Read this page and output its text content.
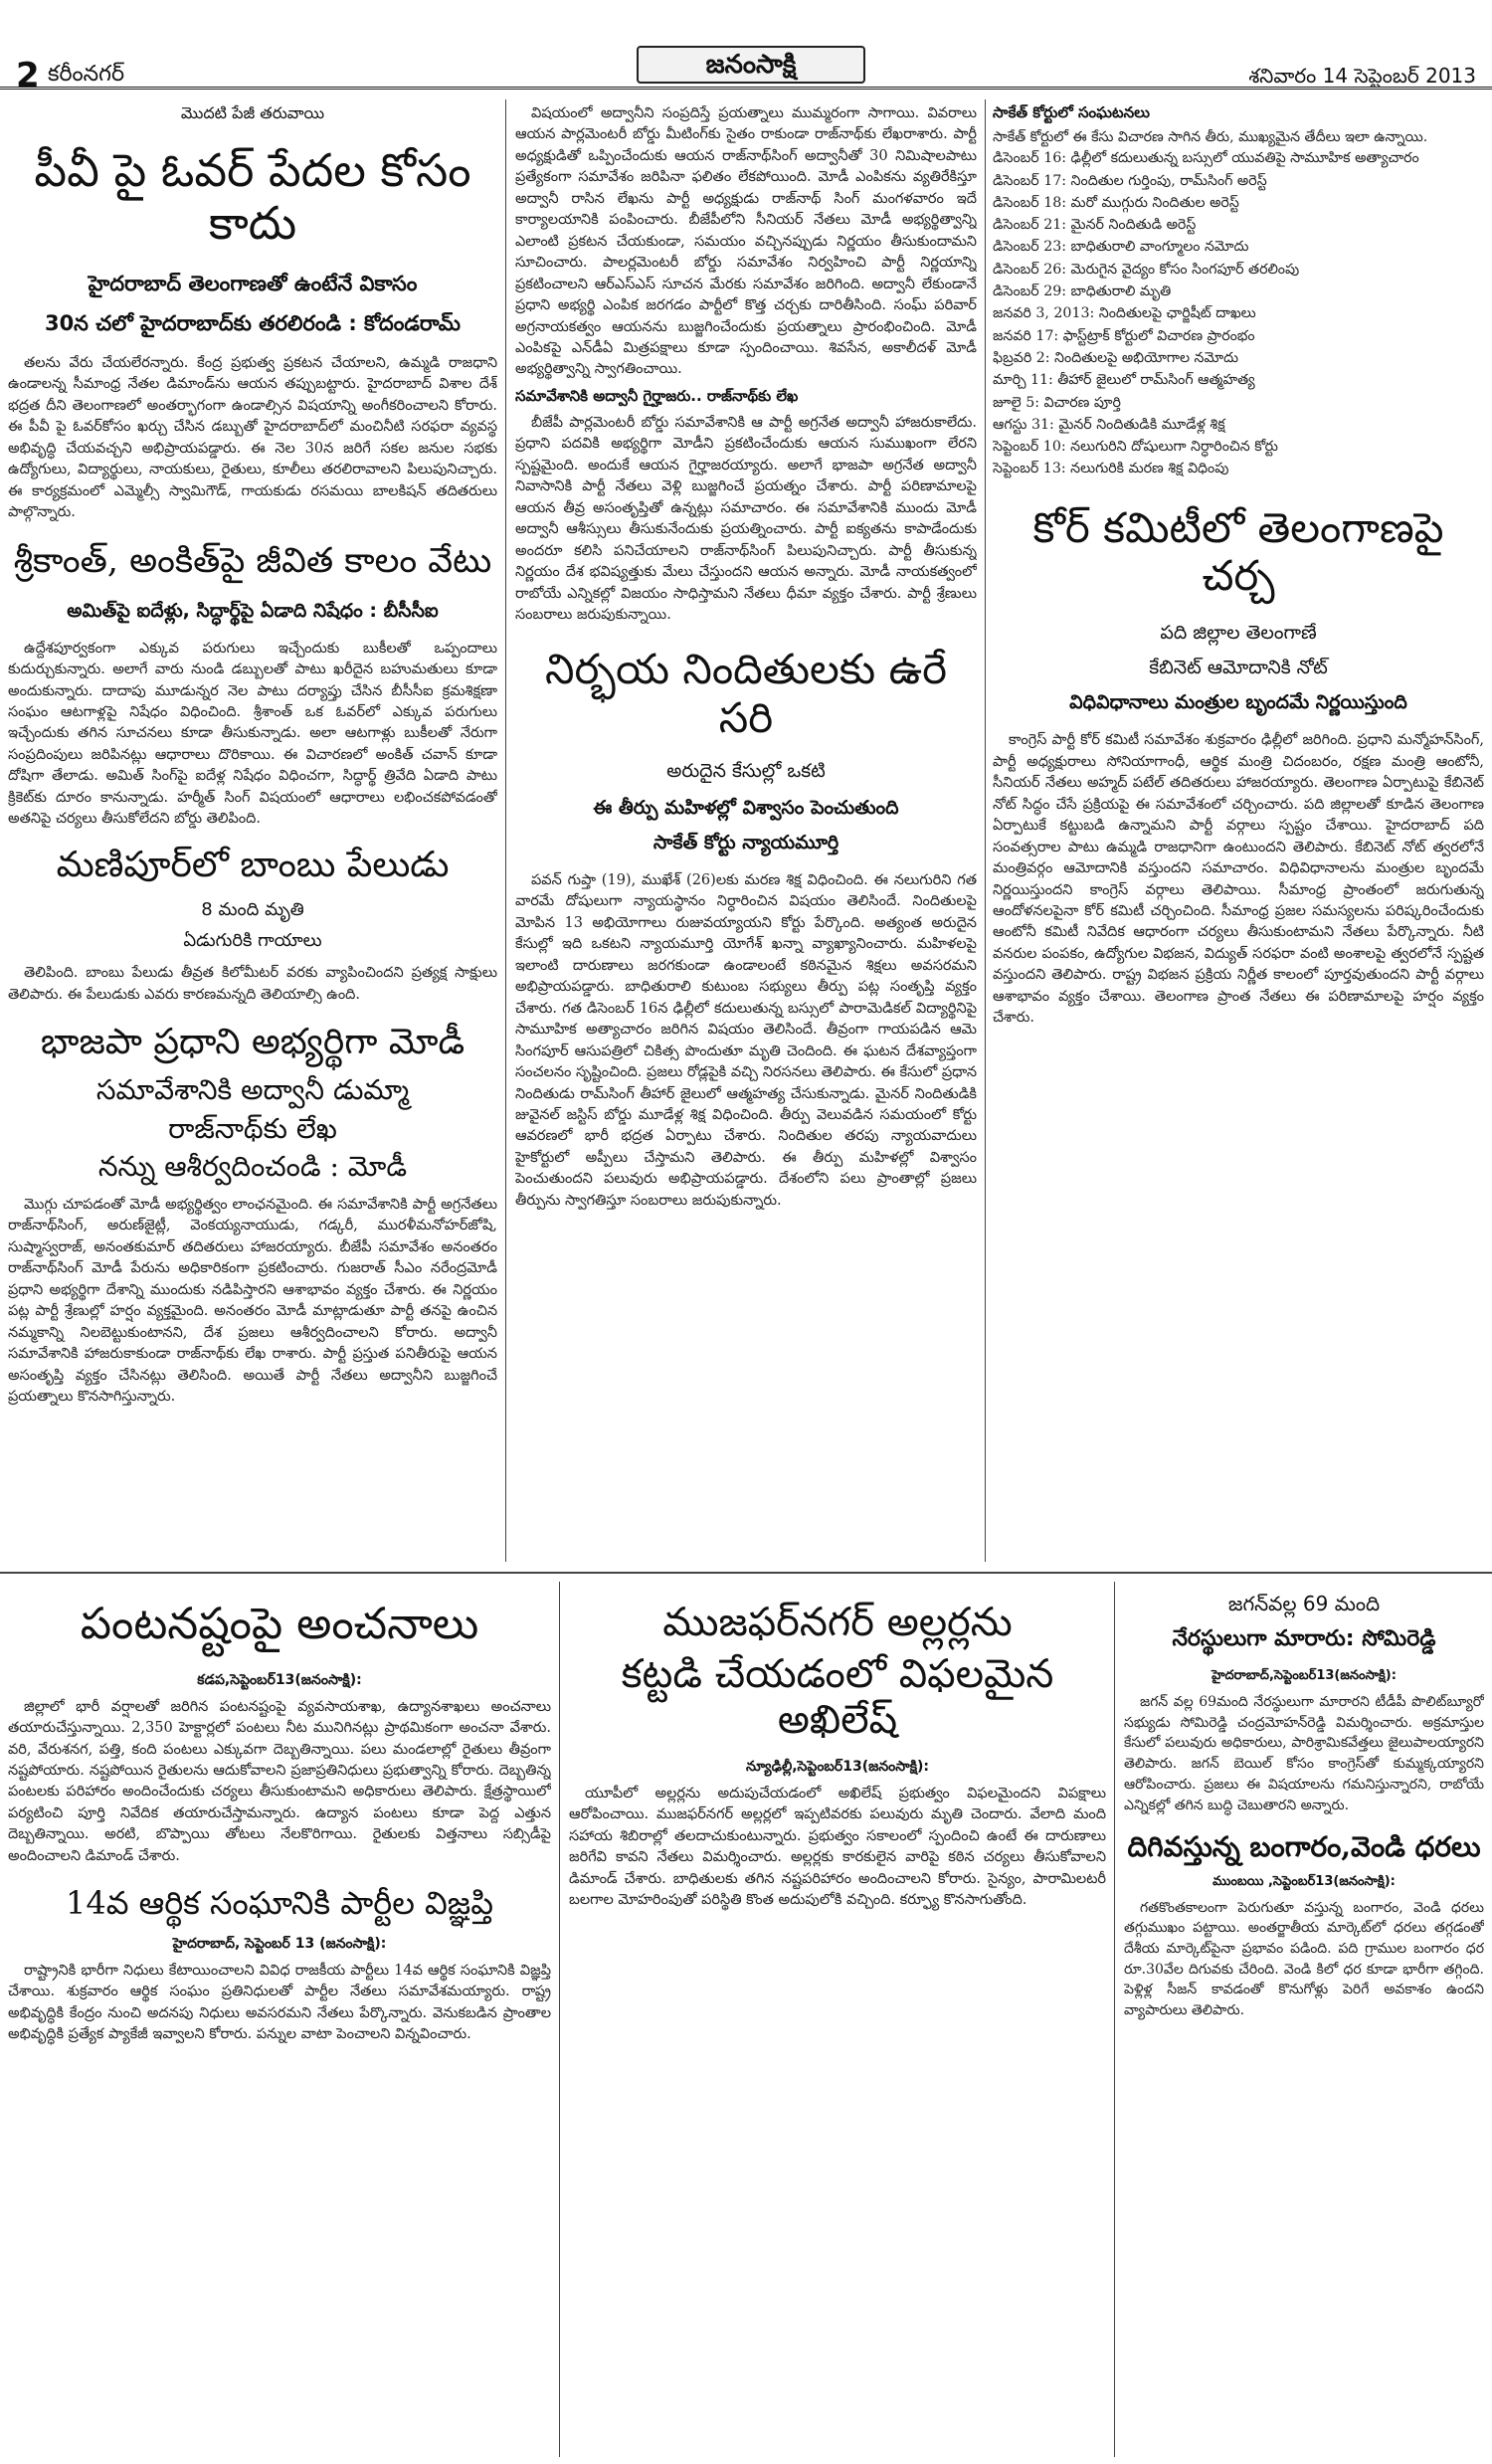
2 కరీంనగర్	జనంసాక్షి	శనివారం 14 సెప్టెంబర్ 2013
మొదటి పేజీ తరువాయి
పీవీ పై ఓవర్ పేదల కోసం కాదు
హైదరాబాద్ తెలంగాణతో ఉంటేనే వికాసం
30న చలో హైదరాబాద్‌కు తరలిరండి : కోదండరామ్

తలను వేరు చేయలేరన్నారు. కేంద్ర ప్రభుత్వ ప్రకటన చేయాలని, ఉమ్మడి రాజధాని ఉండాలన్న సీమాంధ్ర నేతల డిమాండ్‌ను ఆయన తప్పుబట్టారు. హైదరాబాద్ విశాల దేశ్ భద్రత దీని తెలంగాణలో అంతర్భాగంగా ఉండాల్సిన విషయాన్ని అంగీకరించాలని కోరారు. ఈ పీవీ పై ఓవర్‌కోసం ఖర్చు చేసిన డబ్బుతో హైదరాబాద్‌లో మంచినీటి సరఫరా వ్యవస్థ అభివృద్ధి చేయవచ్చని అభిప్రాయపడ్డారు. ఈ నెల 30న జరిగే సకల జనుల సభకు ఉద్యోగులు, విద్యార్థులు, నాయకులు, రైతులు, కూలీలు తరలిరావాలని పిలుపునిచ్చారు. ఈ కార్యక్రమంలో ఎమ్మెల్సీ స్వామిగౌడ్, గాయకుడు రసమయి బాలకిషన్ తదితరులు పాల్గొన్నారు.

శ్రీకాంత్, అంకిత్‌పై జీవిత కాలం వేటు
అమిత్‌పై ఐదేళ్లు, సిద్ధార్థ్‌పై ఏడాది నిషేధం : బీసీసీఐ

ఉద్దేశపూర్వకంగా ఎక్కువ పరుగులు ఇచ్చేందుకు బుకీలతో ఒప్పందాలు కుదుర్చుకున్నారు. అలాగే వారు నుండి డబ్బులతో పాటు ఖరీదైన బహుమతులు కూడా అందుకున్నారు. దాదాపు మూడున్నర నెల పాటు దర్యాప్తు చేసిన బీసీసీఐ క్రమశిక్షణా సంఘం ఆటగాళ్లపై నిషేధం విధించింది. శ్రీశాంత్ ఒక ఓవర్‌లో ఎక్కువ పరుగులు ఇచ్చేందుకు తగిన సూచనలు కూడా తీసుకున్నాడు. అలా ఆటగాళ్లు బుకీలతో నేరుగా సంప్రదింపులు జరిపినట్లు ఆధారాలు దొరికాయి. ఈ విచారణలో అంకిత్ చవాన్ కూడా దోషిగా తేలాడు. అమిత్ సింగ్‌పై ఐదేళ్ల నిషేధం విధించగా, సిద్ధార్థ్ త్రివేది ఏడాది పాటు క్రికెట్‌కు దూరం కానున్నాడు. హర్మీత్ సింగ్ విషయంలో ఆధారాలు లభించకపోవడంతో అతనిపై చర్యలు తీసుకోలేదని బోర్డు తెలిపింది.

మణిపూర్‌లో బాంబు పేలుడు
8 మంది మృతి
ఏడుగురికి గాయాలు

తెలిపింది. బాంబు పేలుడు తీవ్రత కిలోమీటర్ వరకు వ్యాపించిందని ప్రత్యక్ష సాక్షులు తెలిపారు. ఈ పేలుడుకు ఎవరు కారణమన్నది తెలియాల్సి ఉంది.

భాజపా ప్రధాని అభ్యర్థిగా మోడీ
సమావేశానికి అద్వానీ డుమ్మా
రాజ్‌నాథ్‌కు లేఖ
నన్ను ఆశీర్వదించండి : మోడీ

మొగ్గు చూపడంతో మోడీ అభ్యర్థిత్వం లాంఛనమైంది. ఈ సమావేశానికి పార్టీ అగ్రనేతలు రాజ్‌నాథ్‌సింగ్, అరుణ్‌జైట్లీ, వెంకయ్యనాయుడు, గడ్కరీ, మురళీమనోహర్‌జోషి, సుష్మాస్వరాజ్, అనంతకుమార్ తదితరులు హాజరయ్యారు. బీజేపీ సమావేశం అనంతరం రాజ్‌నాథ్‌సింగ్ మోడీ పేరును అధికారికంగా ప్రకటించారు. గుజరాత్ సీఎం నరేంద్రమోడీ ప్రధాని అభ్యర్థిగా దేశాన్ని ముందుకు నడిపిస్తారని ఆశాభావం వ్యక్తం చేశారు. ఈ నిర్ణయం పట్ల పార్టీ శ్రేణుల్లో హర్షం వ్యక్తమైంది. అనంతరం మోడీ మాట్లాడుతూ పార్టీ తనపై ఉంచిన నమ్మకాన్ని నిలబెట్టుకుంటానని, దేశ ప్రజలు ఆశీర్వదించాలని కోరారు. అద్వానీ సమావేశానికి హాజరుకాకుండా రాజ్‌నాథ్‌కు లేఖ రాశారు. పార్టీ ప్రస్తుత పనితీరుపై ఆయన అసంతృప్తి వ్యక్తం చేసినట్లు తెలిసింది. అయితే పార్టీ నేతలు అద్వానీని బుజ్జగించే ప్రయత్నాలు కొనసాగిస్తున్నారు.

విషయంలో అద్వానీని సంప్రదిస్తే ప్రయత్నాలు ముమ్మరంగా సాగాయి. వివరాలు ఆయన పార్లమెంటరీ బోర్డు మీటింగ్‌కు సైతం రాకుండా రాజ్‌నాథ్‌కు లేఖరాశారు. పార్టీ అధ్యక్షుడితో ఒప్పించేందుకు ఆయన రాజ్‌నాథ్‌సింగ్ అద్వానీతో 30 నిమిషాలపాటు ప్రత్యేకంగా సమావేశం జరిపినా ఫలితం లేకపోయింది. మోడీ ఎంపికను వ్యతిరేకిస్తూ అద్వానీ రాసిన లేఖను పార్టీ అధ్యక్షుడు రాజ్‌నాథ్ సింగ్ మంగళవారం ఇదే కార్యాలయానికి పంపించారు. బీజేపీలోని సీనియర్ నేతలు మోడీ అభ్యర్థిత్వాన్ని ఎలాంటి ప్రకటన చేయకుండా, సమయం వచ్చినప్పుడు నిర్ణయం తీసుకుందామని సూచించారు. పాలర్లమెంటరీ బోర్డు సమావేశం నిర్వహించి పార్టీ నిర్ణయాన్ని ప్రకటించాలని ఆర్‌ఎస్‌ఎస్ సూచన మేరకు సమావేశం జరిగింది. అద్వానీ లేకుండానే ప్రధాని అభ్యర్థి ఎంపిక జరగడం పార్టీలో కొత్త చర్చకు దారితీసింది. సంఘ్ పరివార్ అగ్రనాయకత్వం ఆయనను బుజ్జగించేందుకు ప్రయత్నాలు ప్రారంభించింది. మోడీ ఎంపికపై ఎన్‌డీఏ మిత్రపక్షాలు కూడా స్పందించాయి. శివసేన, అకాలీదళ్ మోడీ అభ్యర్థిత్వాన్ని స్వాగతించాయి.

సమావేశానికి అద్వానీ గైర్హాజరు.. రాజ్‌నాథ్‌కు లేఖ

బీజేపీ పార్లమెంటరీ బోర్డు సమావేశానికి ఆ పార్టీ అగ్రనేత అద్వానీ హాజరుకాలేదు. ప్రధాని పదవికి అభ్యర్థిగా మోడీని ప్రకటించేందుకు ఆయన సుముఖంగా లేరని స్పష్టమైంది. అందుకే ఆయన గైర్హాజరయ్యారు. అలాగే భాజపా అగ్రనేత అద్వానీ నివాసానికి పార్టీ నేతలు వెళ్లి బుజ్జగించే ప్రయత్నం చేశారు. పార్టీ పరిణామాలపై ఆయన తీవ్ర అసంతృప్తితో ఉన్నట్లు సమాచారం. ఈ సమావేశానికి ముందు మోడీ అద్వానీ ఆశీస్సులు తీసుకునేందుకు ప్రయత్నించారు. పార్టీ ఐక్యతను కాపాడేందుకు అందరూ కలిసి పనిచేయాలని రాజ్‌నాథ్‌సింగ్ పిలుపునిచ్చారు. పార్టీ తీసుకున్న నిర్ణయం దేశ భవిష్యత్తుకు మేలు చేస్తుందని ఆయన అన్నారు. మోడీ నాయకత్వంలో రాబోయే ఎన్నికల్లో విజయం సాధిస్తామని నేతలు ధీమా వ్యక్తం చేశారు. పార్టీ శ్రేణులు సంబరాలు జరుపుకున్నాయి.

నిర్భయ నిందితులకు ఉరే సరి
అరుదైన కేసుల్లో ఒకటి
ఈ తీర్పు మహిళల్లో విశ్వాసం పెంచుతుంది
సాకేత్ కోర్టు న్యాయమూర్తి

పవన్ గుప్తా (19), ముఖేశ్ (26)లకు మరణ శిక్ష విధించింది. ఈ నలుగురిని గత వారమే దోషులుగా న్యాయస్థానం నిర్ధారించిన విషయం తెలిసిందే. నిందితులపై మోపిన 13 అభియోగాలు రుజువయ్యాయని కోర్టు పేర్కొంది. అత్యంత అరుదైన కేసుల్లో ఇది ఒకటని న్యాయమూర్తి యోగేశ్ ఖన్నా వ్యాఖ్యానించారు. మహిళలపై ఇలాంటి దారుణాలు జరగకుండా ఉండాలంటే కఠినమైన శిక్షలు అవసరమని అభిప్రాయపడ్డారు. బాధితురాలి కుటుంబ సభ్యులు తీర్పు పట్ల సంతృప్తి వ్యక్తం చేశారు. గత డిసెంబర్ 16న ఢిల్లీలో కదులుతున్న బస్సులో పారామెడికల్ విద్యార్థినిపై సామూహిక అత్యాచారం జరిగిన విషయం తెలిసిందే. తీవ్రంగా గాయపడిన ఆమె సింగపూర్ ఆసుపత్రిలో చికిత్స పొందుతూ మృతి చెందింది. ఈ ఘటన దేశవ్యాప్తంగా సంచలనం సృష్టించింది. ప్రజలు రోడ్లపైకి వచ్చి నిరసనలు తెలిపారు. ఈ కేసులో ప్రధాన నిందితుడు రామ్‌సింగ్ తీహార్ జైలులో ఆత్మహత్య చేసుకున్నాడు. మైనర్ నిందితుడికి జువైనల్ జస్టిస్ బోర్డు మూడేళ్ల శిక్ష విధించింది. తీర్పు వెలువడిన సమయంలో కోర్టు ఆవరణలో భారీ భద్రత ఏర్పాటు చేశారు. నిందితుల తరపు న్యాయవాదులు హైకోర్టులో అప్పీలు చేస్తామని తెలిపారు. ఈ తీర్పు మహిళల్లో విశ్వాసం పెంచుతుందని పలువురు అభిప్రాయపడ్డారు. దేశంలోని పలు ప్రాంతాల్లో ప్రజలు తీర్పును స్వాగతిస్తూ సంబరాలు జరుపుకున్నారు.

సాకేత్ కోర్టులో సంఘటనలు
సాకేత్ కోర్టులో ఈ కేసు విచారణ సాగిన తీరు, ముఖ్యమైన తేదీలు ఇలా ఉన్నాయి.
డిసెంబర్ 16: ఢిల్లీలో కదులుతున్న బస్సులో యువతిపై సామూహిక అత్యాచారం
డిసెంబర్ 17: నిందితుల గుర్తింపు, రామ్‌సింగ్ అరెస్ట్
డిసెంబర్ 18: మరో ముగ్గురు నిందితుల అరెస్ట్
డిసెంబర్ 21: మైనర్ నిందితుడి అరెస్ట్
డిసెంబర్ 23: బాధితురాలి వాంగ్మూలం నమోదు
డిసెంబర్ 26: మెరుగైన వైద్యం కోసం సింగపూర్ తరలింపు
డిసెంబర్ 29: బాధితురాలి మృతి
జనవరి 3, 2013: నిందితులపై ఛార్జిషీట్ దాఖలు
జనవరి 17: ఫాస్ట్‌ట్రాక్ కోర్టులో విచారణ ప్రారంభం
ఫిబ్రవరి 2: నిందితులపై అభియోగాల నమోదు
మార్చి 11: తీహార్ జైలులో రామ్‌సింగ్ ఆత్మహత్య
జూలై 5: విచారణ పూర్తి
ఆగస్టు 31: మైనర్ నిందితుడికి మూడేళ్ల శిక్ష
సెప్టెంబర్ 10: నలుగురిని దోషులుగా నిర్ధారించిన కోర్టు
సెప్టెంబర్ 13: నలుగురికి మరణ శిక్ష విధింపు
కోర్ కమిటీలో తెలంగాణపై చర్చ
పది జిల్లాల తెలంగాణే
కేబినెట్ ఆమోదానికి నోట్
విధివిధానాలు మంత్రుల బృందమే నిర్ణయిస్తుంది

కాంగ్రెస్ పార్టీ కోర్ కమిటీ సమావేశం శుక్రవారం ఢిల్లీలో జరిగింది. ప్రధాని మన్మోహన్‌సింగ్, పార్టీ అధ్యక్షురాలు సోనియాగాంధీ, ఆర్థిక మంత్రి చిదంబరం, రక్షణ మంత్రి ఆంటోనీ, సీనియర్ నేతలు అహ్మద్ పటేల్ తదితరులు హాజరయ్యారు. తెలంగాణ ఏర్పాటుపై కేబినెట్ నోట్ సిద్ధం చేసే ప్రక్రియపై ఈ సమావేశంలో చర్చించారు. పది జిల్లాలతో కూడిన తెలంగాణ ఏర్పాటుకే కట్టుబడి ఉన్నామని పార్టీ వర్గాలు స్పష్టం చేశాయి. హైదరాబాద్ పది సంవత్సరాల పాటు ఉమ్మడి రాజధానిగా ఉంటుందని తెలిపారు. కేబినెట్ నోట్ త్వరలోనే మంత్రివర్గం ఆమోదానికి వస్తుందని సమాచారం. విధివిధానాలను మంత్రుల బృందమే నిర్ణయిస్తుందని కాంగ్రెస్ వర్గాలు తెలిపాయి. సీమాంధ్ర ప్రాంతంలో జరుగుతున్న ఆందోళనలపైనా కోర్ కమిటీ చర్చించింది. సీమాంధ్ర ప్రజల సమస్యలను పరిష్కరించేందుకు ఆంటోనీ కమిటీ నివేదిక ఆధారంగా చర్యలు తీసుకుంటామని నేతలు పేర్కొన్నారు. నీటి వనరుల పంపకం, ఉద్యోగుల విభజన, విద్యుత్ సరఫరా వంటి అంశాలపై త్వరలోనే స్పష్టత వస్తుందని తెలిపారు. రాష్ట్ర విభజన ప్రక్రియ నిర్ణీత కాలంలో పూర్తవుతుందని పార్టీ వర్గాలు ఆశాభావం వ్యక్తం చేశాయి. తెలంగాణ ప్రాంత నేతలు ఈ పరిణామాలపై హర్షం వ్యక్తం చేశారు.

పంటనష్టంపై అంచనాలు
కడప,సెప్టెంబర్13(జనంసాక్షి):

జిల్లాలో భారీ వర్షాలతో జరిగిన పంటనష్టంపై వ్యవసాయశాఖ, ఉద్యానశాఖలు అంచనాలు తయారుచేస్తున్నాయి. 2,350 హెక్టార్లలో పంటలు నీట మునిగినట్లు ప్రాథమికంగా అంచనా వేశారు. వరి, వేరుశనగ, పత్తి, కంది పంటలు ఎక్కువగా దెబ్బతిన్నాయి. పలు మండలాల్లో రైతులు తీవ్రంగా నష్టపోయారు. నష్టపోయిన రైతులను ఆదుకోవాలని ప్రజాప్రతినిధులు ప్రభుత్వాన్ని కోరారు. దెబ్బతిన్న పంటలకు పరిహారం అందించేందుకు చర్యలు తీసుకుంటామని అధికారులు తెలిపారు. క్షేత్రస్థాయిలో పర్యటించి పూర్తి నివేదిక తయారుచేస్తామన్నారు. ఉద్యాన పంటలు కూడా పెద్ద ఎత్తున దెబ్బతిన్నాయి. అరటి, బొప్పాయి తోటలు నేలకొరిగాయి. రైతులకు విత్తనాలు సబ్సిడీపై అందించాలని డిమాండ్ చేశారు.

14వ ఆర్థిక సంఘానికి పార్టీల విజ్ఞప్తి
హైదరాబాద్, సెప్టెంబర్ 13 (జనంసాక్షి):

రాష్ట్రానికి భారీగా నిధులు కేటాయించాలని వివిధ రాజకీయ పార్టీలు 14వ ఆర్థిక సంఘానికి విజ్ఞప్తి చేశాయి. శుక్రవారం ఆర్థిక సంఘం ప్రతినిధులతో పార్టీల నేతలు సమావేశమయ్యారు. రాష్ట్ర అభివృద్ధికి కేంద్రం నుంచి అదనపు నిధులు అవసరమని నేతలు పేర్కొన్నారు. వెనుకబడిన ప్రాంతాల అభివృద్ధికి ప్రత్యేక ప్యాకేజీ ఇవ్వాలని కోరారు. పన్నుల వాటా పెంచాలని విన్నవించారు.

ముజఫర్‌నగర్ అల్లర్లను
కట్టడి చేయడంలో విఫలమైన అఖిలేష్
న్యూఢిల్లీ,సెప్టెంబర్13(జనంసాక్షి):

యూపీలో అల్లర్లను అదుపుచేయడంలో అఖిలేష్ ప్రభుత్వం విఫలమైందని విపక్షాలు ఆరోపించాయి. ముజఫర్‌నగర్ అల్లర్లలో ఇప్పటివరకు పలువురు మృతి చెందారు. వేలాది మంది సహాయ శిబిరాల్లో తలదాచుకుంటున్నారు. ప్రభుత్వం సకాలంలో స్పందించి ఉంటే ఈ దారుణాలు జరిగేవి కావని నేతలు విమర్శించారు. అల్లర్లకు కారకులైన వారిపై కఠిన చర్యలు తీసుకోవాలని డిమాండ్ చేశారు. బాధితులకు తగిన నష్టపరిహారం అందించాలని కోరారు. సైన్యం, పారామిలటరీ బలగాల మోహరింపుతో పరిస్థితి కొంత అదుపులోకి వచ్చింది. కర్ఫ్యూ కొనసాగుతోంది.

జగన్‌వల్ల 69 మంది
నేరస్థులుగా మారారు: సోమిరెడ్డి
హైదరాబాద్,సెప్టెంబర్13(జనంసాక్షి):

జగన్ వల్ల 69మంది నేరస్థులుగా మారారని టీడీపీ పొలిట్‌బ్యూరో సభ్యుడు సోమిరెడ్డి చంద్రమోహన్‌రెడ్డి విమర్శించారు. అక్రమాస్తుల కేసులో పలువురు అధికారులు, పారిశ్రామికవేత్తలు జైలుపాలయ్యారని తెలిపారు. జగన్ బెయిల్ కోసం కాంగ్రెస్‌తో కుమ్మక్కయ్యారని ఆరోపించారు. ప్రజలు ఈ విషయాలను గమనిస్తున్నారని, రాబోయే ఎన్నికల్లో తగిన బుద్ధి చెబుతారని అన్నారు.

దిగివస్తున్న బంగారం,వెండి ధరలు
ముంబయి ,సెప్టెంబర్13(జనంసాక్షి):

గతకొంతకాలంగా పెరుగుతూ వస్తున్న బంగారం, వెండి ధరలు తగ్గుముఖం పట్టాయి. అంతర్జాతీయ మార్కెట్‌లో ధరలు తగ్గడంతో దేశీయ మార్కెట్‌పైనా ప్రభావం పడింది. పది గ్రాముల బంగారం ధర రూ.30వేల దిగువకు చేరింది. వెండి కిలో ధర కూడా భారీగా తగ్గింది. పెళ్లిళ్ల సీజన్ కావడంతో కొనుగోళ్లు పెరిగే అవకాశం ఉందని వ్యాపారులు తెలిపారు.
